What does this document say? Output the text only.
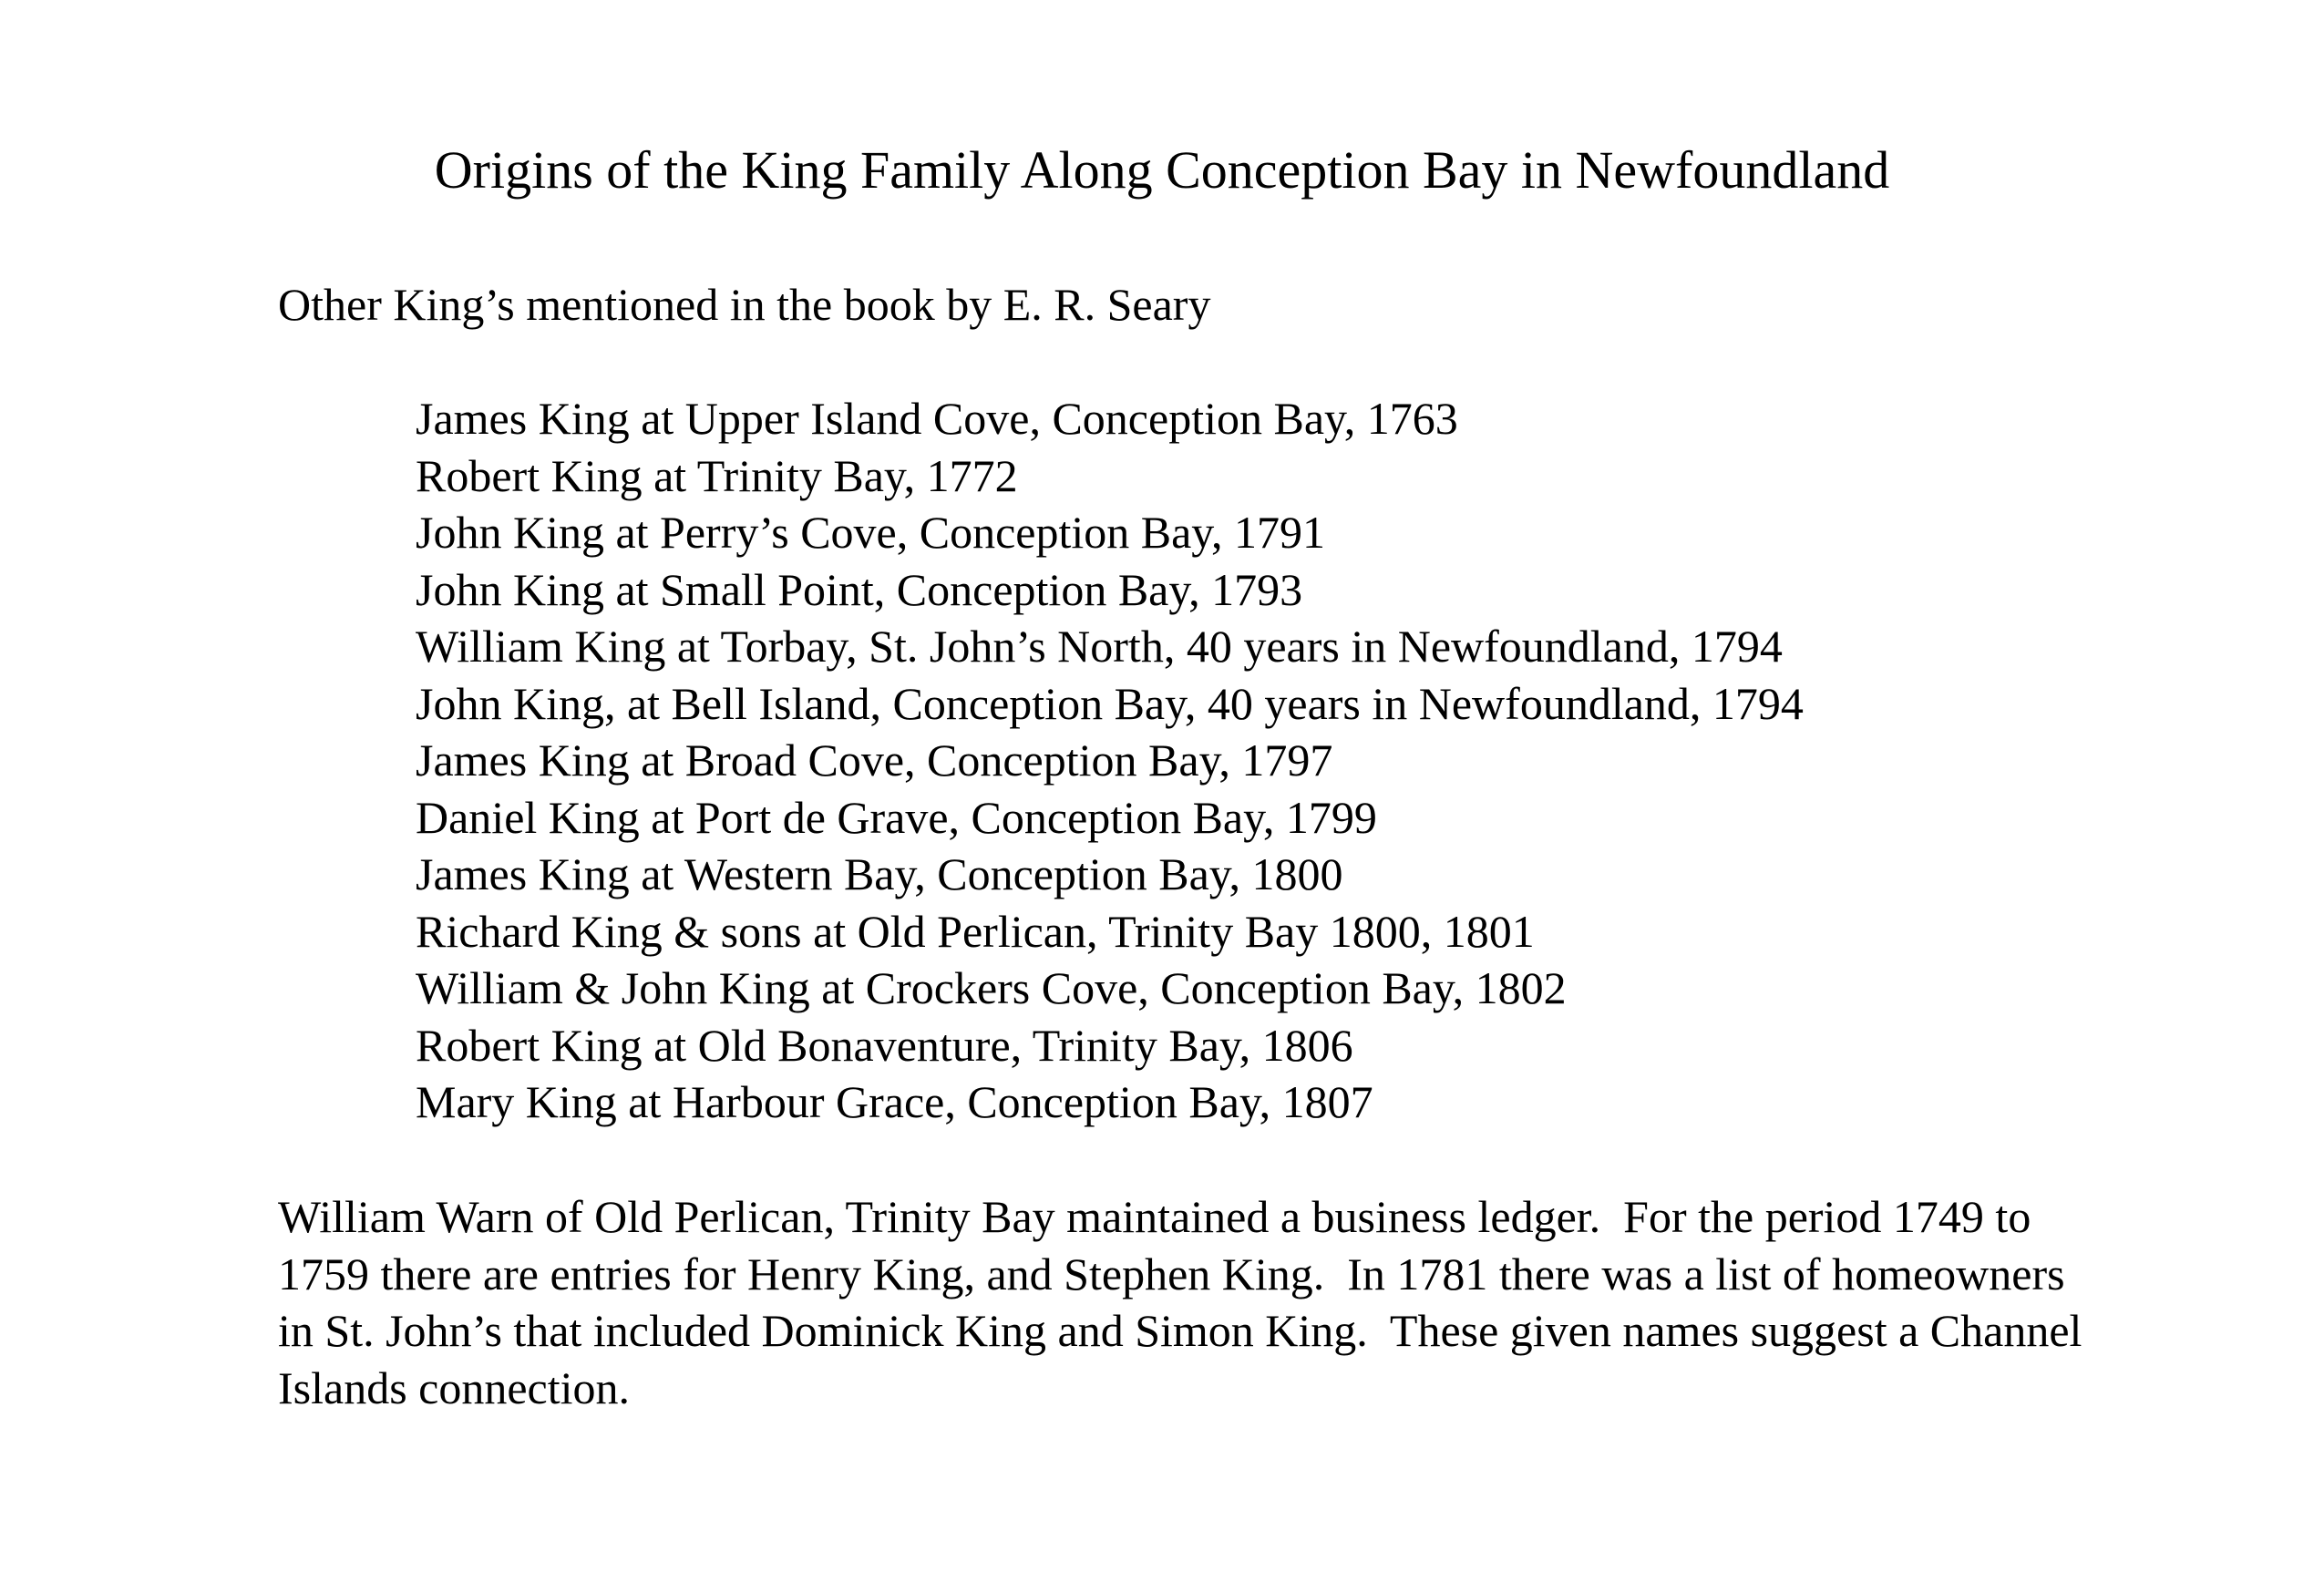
Origins of the King Family Along Conception Bay in Newfoundland

Other King’s mentioned in the book by E. R. Seary

James King at Upper Island Cove, Conception Bay, 1763
Robert King at Trinity Bay, 1772
John King at Perry’s Cove, Conception Bay, 1791
John King at Small Point, Conception Bay, 1793
William King at Torbay, St. John’s North, 40 years in Newfoundland, 1794
John King, at Bell Island, Conception Bay, 40 years in Newfoundland, 1794
James King at Broad Cove, Conception Bay, 1797
Daniel King at Port de Grave, Conception Bay, 1799
James King at Western Bay, Conception Bay, 1800
Richard King & sons at Old Perlican, Trinity Bay 1800, 1801
William & John King at Crockers Cove, Conception Bay, 1802
Robert King at Old Bonaventure, Trinity Bay, 1806
Mary King at Harbour Grace, Conception Bay, 1807

William Warn of Old Perlican, Trinity Bay maintained a business ledger.  For the period 1749 to
1759 there are entries for Henry King, and Stephen King.  In 1781 there was a list of homeowners
in St. John’s that included Dominick King and Simon King.  These given names suggest a Channel
Islands connection.
